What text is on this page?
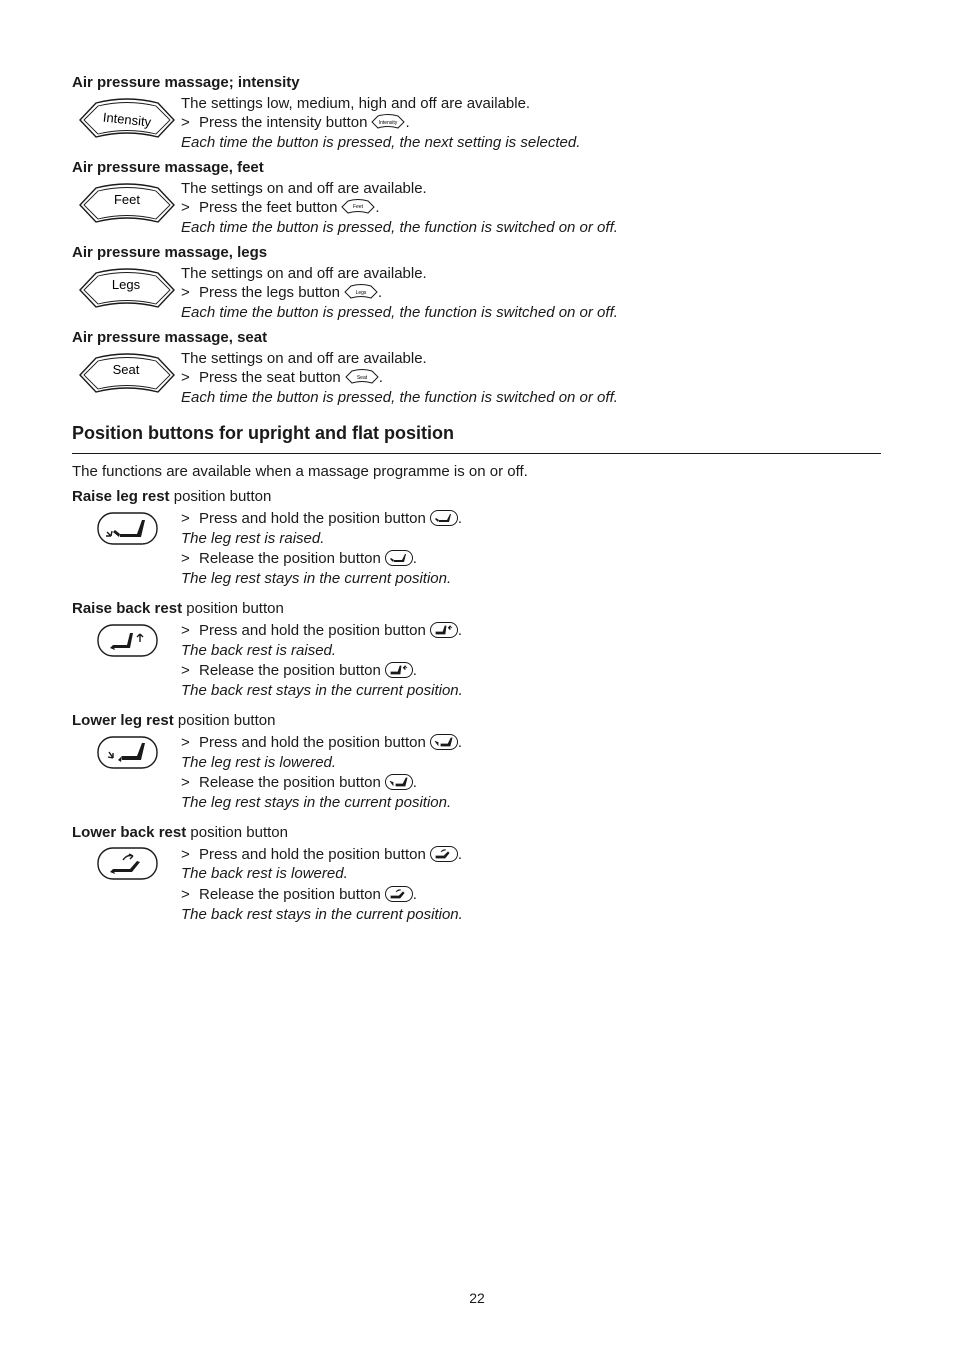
Air pressure massage; intensity
Intensity
The settings low, medium, high and off are available.
> Press the intensity button Intensity .
Each time the button is pressed, the next setting is selected.
Air pressure massage, feet
Feet
The settings on and off are available.
> Press the feet button	Feet .
Each time the button is pressed, the function is switched on or off.
Air pressure massage, legs
Legs
The settings on and off are available.
> Press the legs button	Legs .
Each time the button is pressed, the function is switched on or off.
Air pressure massage, seat
Seat
The settings on and off are available.
> Press the seat button	Seat .
Each time the button is pressed, the function is switched on or off.
Position buttons for upright and flat position
The functions are available when a massage programme is on or off.
Raise leg rest position button
> Press and hold the position button .
The leg rest is raised.
> Release the position button .
The leg rest stays in the current position.
Raise back rest position button
> Press and hold the position button .
The back rest is raised.
> Release the position button .
The back rest stays in the current position.
Lower leg rest position button
> Press and hold the position button .
The leg rest is lowered.
> Release the position button .
The leg rest stays in the current position.
Lower back rest position button
> Press and hold the position button .
The back rest is lowered.
> Release the position button .
The back rest stays in the current position.
22
